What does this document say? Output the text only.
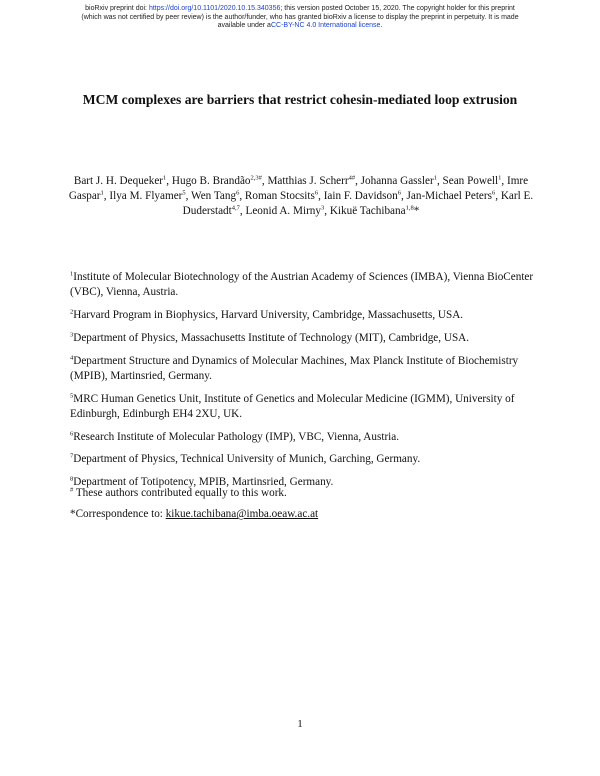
bioRxiv preprint doi: https://doi.org/10.1101/2020.10.15.340356; this version posted October 15, 2020. The copyright holder for this preprint
(which was not certified by peer review) is the author/funder, who has granted bioRxiv a license to display the preprint in perpetuity. It is made
available under aCC-BY-NC 4.0 International license.
MCM complexes are barriers that restrict cohesin-mediated loop extrusion
Bart J. H. Dequeker$^1$, Hugo B. Brandão$^{2,3\#}$, Matthias J. Scherr$^{4\#}$, Johanna Gassler$^1$, Sean Powell$^1$, Imre Gaspar$^1$, Ilya M. Flyamer$^5$, Wen Tang$^6$, Roman Stocsits$^6$, Iain F. Davidson$^6$, Jan-Michael Peters$^6$, Karl E. Duderstadt$^{4,7}$, Leonid A. Mirny$^3$, Kikuë Tachibana$^{1,8}$*
$^1$Institute of Molecular Biotechnology of the Austrian Academy of Sciences (IMBA), Vienna BioCenter (VBC), Vienna, Austria.
$^2$Harvard Program in Biophysics, Harvard University, Cambridge, Massachusetts, USA.
$^3$Department of Physics, Massachusetts Institute of Technology (MIT), Cambridge, USA.
$^4$Department Structure and Dynamics of Molecular Machines, Max Planck Institute of Biochemistry (MPIB), Martinsried, Germany.
$^5$MRC Human Genetics Unit, Institute of Genetics and Molecular Medicine (IGMM), University of Edinburgh, Edinburgh EH4 2XU, UK.
$^6$Research Institute of Molecular Pathology (IMP), VBC, Vienna, Austria.
$^7$Department of Physics, Technical University of Munich, Garching, Germany.
$^8$Department of Totipotency, MPIB, Martinsried, Germany.
# These authors contributed equally to this work.
*Correspondence to: kikue.tachibana@imba.oeaw.ac.at
1
